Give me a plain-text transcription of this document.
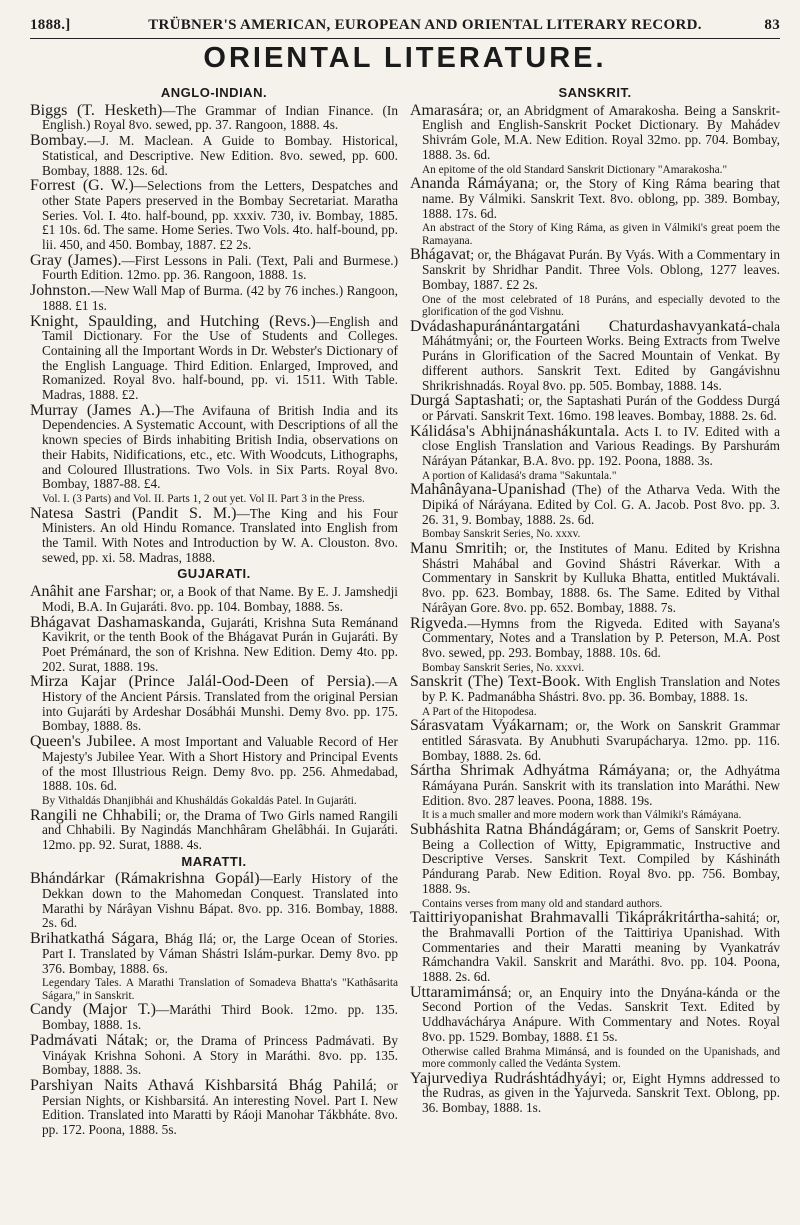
1888.]	TRÜBNER'S AMERICAN, EUROPEAN AND ORIENTAL LITERARY RECORD.	83
ORIENTAL LITERATURE.
ANGLO-INDIAN.

Biggs (T. Hesketh)—The Grammar of Indian Finance. (In English.) Royal 8vo. sewed, pp. 37. Rangoon, 1888. 4s.

Bombay.—J. M. Maclean. A Guide to Bombay. Historical, Statistical, and Descriptive. New Edition. 8vo. sewed, pp. 600. Bombay, 1888. 12s. 6d.

Forrest (G. W.)—Selections from the Letters, Despatches and other State Papers preserved in the Bombay Secretariat. Maratha Series. Vol. I. 4to. half-bound, pp. xxxiv. 730, iv. Bombay, 1885. £1 10s. 6d. The same. Home Series. Two Vols. 4to. half-bound, pp. lii. 450, and 450. Bombay, 1887. £2 2s.

Gray (James).—First Lessons in Pali. (Text, Pali and Burmese.) Fourth Edition. 12mo. pp. 36. Rangoon, 1888. 1s.

Johnston.—New Wall Map of Burma. (42 by 76 inches.) Rangoon, 1888. £1 1s.

Knight, Spaulding, and Hutching (Revs.)—English and Tamil Dictionary. For the Use of Students and Colleges. Containing all the Important Words in Dr. Webster's Dictionary of the English Language. Third Edition. Enlarged, Improved, and Romanized. Royal 8vo. half-bound, pp. vi. 1511. With Table. Madras, 1888. £2.

Murray (James A.)—The Avifauna of British India and its Dependencies. A Systematic Account, with Descriptions of all the known species of Birds inhabiting British India, observations on their Habits, Nidifications, etc., etc. With Woodcuts, Lithographs, and Coloured Illustrations. Two Vols. in Six Parts. Royal 8vo. Bombay, 1887-88. £4.

Vol. I. (3 Parts) and Vol. II. Parts 1, 2 out yet. Vol II. Part 3 in the Press.

Natesa Sastri (Pandit S. M.)—The King and his Four Ministers. An old Hindu Romance. Translated into English from the Tamil. With Notes and Introduction by W. A. Clouston. 8vo. sewed, pp. xi. 58. Madras, 1888.

GUJARATI.

Anâhit ane Farshar; or, a Book of that Name. By E. J. Jamshedji Modi, B.A. In Gujaráti. 8vo. pp. 104. Bombay, 1888. 5s.

Bhágavat Dashamaskanda, Gujaráti, Krishna Suta Remánand Kavikrit, or the tenth Book of the Bhágavat Purán in Gujaráti. By Poet Prémánard, the son of Krishna. New Edition. Demy 4to. pp. 202. Surat, 1888. 19s.

Mirza Kajar (Prince Jalál-Ood-Deen of Persia).—A History of the Ancient Pársis. Translated from the original Persian into Gujaráti by Ardeshar Dosábhái Munshi. Demy 8vo. pp. 175. Bombay, 1888. 8s.

Queen's Jubilee. A most Important and Valuable Record of Her Majesty's Jubilee Year. With a Short History and Principal Events of the most Illustrious Reign. Demy 8vo. pp. 256. Ahmedabad, 1888. 10s. 6d.

By Vithaldás Dhanjibhái and Khusháldás Gokaldás Patel. In Gujaráti.

Rangili ne Chhabili; or, the Drama of Two Girls named Rangili and Chhabili. By Nagindás Manchhâram Ghelâbhái. In Gujaráti. 12mo. pp. 92. Surat, 1888. 4s.

MARATTI.

Bhándárkar (Rámakrishna Gopál)—Early History of the Dekkan down to the Mahomedan Conquest. Translated into Marathi by Nárâyan Vishnu Bápat. 8vo. pp. 316. Bombay, 1888. 2s. 6d.

Brihatkathá Ságara, Bhág Ilá; or, the Large Ocean of Stories. Part I. Translated by Váman Shástri Islám-purkar. Demy 8vo. pp 376. Bombay, 1888. 6s.

Legendary Tales. A Marathi Translation of Somadeva Bhatta's "Kathâsarita Ságara," in Sanskrit.

Candy (Major T.)—Maráthi Third Book. 12mo. pp. 135. Bombay, 1888. 1s.

Padmávati Nátak; or, the Drama of Princess Padmávati. By Vináyak Krishna Sohoni. A Story in Maráthi. 8vo. pp. 135. Bombay, 1888. 3s.

Parshiyan Naits Athavá Kishbarsitá Bhág Pahilá; or Persian Nights, or Kishbarsitá. An interesting Novel. Part I. New Edition. Translated into Maratti by Ráoji Manohar Tákbháte. 8vo. pp. 172. Poona, 1888. 5s.

SANSKRIT.

Amarasára; or, an Abridgment of Amarakosha. Being a Sanskrit-English and English-Sanskrit Pocket Dictionary. By Mahádev Shivrám Gole, M.A. New Edition. Royal 32mo. pp. 704. Bombay, 1888. 3s. 6d.

An epitome of the old Standard Sanskrit Dictionary "Amarakosha."

Ananda Rámáyana; or, the Story of King Ráma bearing that name. By Válmiki. Sanskrit Text. 8vo. oblong, pp. 389. Bombay, 1888. 17s. 6d.

An abstract of the Story of King Ráma, as given in Válmiki's great poem the Ramayana.

Bhágavat; or, the Bhágavat Purán. By Vyás. With a Commentary in Sanskrit by Shridhar Pandit. Three Vols. Oblong, 1277 leaves. Bombay, 1887. £2 2s.

One of the most celebrated of 18 Puráns, and especially devoted to the glorification of the god Vishnu.

Dvádashapuránántargatáni Chaturdashavyankatá-chala Máhátmyáni; or, the Fourteen Works. Being Extracts from Twelve Puráns in Glorification of the Sacred Mountain of Venkat. By different authors. Sanskrit Text. Edited by Gangávishnu Shrikrishnadás. Royal 8vo. pp. 505. Bombay, 1888. 14s.

Durgá Saptashati; or, the Saptashati Purán of the Goddess Durgá or Párvati. Sanskrit Text. 16mo. 198 leaves. Bombay, 1888. 2s. 6d.

Kálidása's Abhijnánashákuntala. Acts I. to IV. Edited with a close English Translation and Various Readings. By Parshurám Náráyan Pátankar, B.A. 8vo. pp. 192. Poona, 1888. 3s.

A portion of Kalidasá's drama "Sakuntala."

Mahânâyana-Upanishad (The) of the Atharva Veda. With the Dipiká of Náráyana. Edited by Col. G. A. Jacob. Post 8vo. pp. 3. 26. 31, 9. Bombay, 1888. 2s. 6d.

Bombay Sanskrit Series, No. xxxv.

Manu Smritih; or, the Institutes of Manu. Edited by Krishna Shástri Mahábal and Govind Shástri Ráverkar. With a Commentary in Sanskrit by Kulluka Bhatta, entitled Muktávali. 8vo. pp. 623. Bombay, 1888. 6s. The Same. Edited by Vithal Nárâyan Gore. 8vo. pp. 652. Bombay, 1888. 7s.

Rigveda.—Hymns from the Rigveda. Edited with Sayana's Commentary, Notes and a Translation by P. Peterson, M.A. Post 8vo. sewed, pp. 293. Bombay, 1888. 10s. 6d.

Bombay Sanskrit Series, No. xxxvi.

Sanskrit (The) Text-Book. With English Translation and Notes by P. K. Padmanábha Shástri. 8vo. pp. 36. Bombay, 1888. 1s.

A Part of the Hitopodesa.

Sárasvatam Vyákarnam; or, the Work on Sanskrit Grammar entitled Sárasvata. By Anubhuti Svarupácharya. 12mo. pp. 116. Bombay, 1888. 2s. 6d.

Sártha Shrimak Adhyátma Rámáyana; or, the Adhyátma Rámáyana Purán. Sanskrit with its translation into Maráthi. New Edition. 8vo. 287 leaves. Poona, 1888. 19s.

It is a much smaller and more modern work than Válmiki's Rámáyana.

Subháshita Ratna Bhándágáram; or, Gems of Sanskrit Poetry. Being a Collection of Witty, Epigrammatic, Instructive and Descriptive Verses. Sanskrit Text. Compiled by Káshináth Pándurang Parab. New Edition. Royal 8vo. pp. 756. Bombay, 1888. 9s.

Contains verses from many old and standard authors.

Taittiriyopanishat Brahmavalli Tikáprákritártha-sahitá; or, the Brahmavalli Portion of the Taittiriya Upanishad. With Commentaries and their Maratti meaning by Vyankatráv Rámchandra Vakil. Sanskrit and Maráthi. 8vo. pp. 104. Poona, 1888. 2s. 6d.

Uttaramimánsá; or, an Enquiry into the Dnyána-kánda or the Second Portion of the Vedas. Sanskrit Text. Edited by Uddhaváchárya Anápure. With Commentary and Notes. Royal 8vo. pp. 1529. Bombay, 1888. £1 5s.

Otherwise called Brahma Mimánsá, and is founded on the Upanishads, and more commonly called the Vedánta System.

Yajurvediya Rudráshtádhyáyi; or, Eight Hymns addressed to the Rudras, as given in the Yajurveda. Sanskrit Text. Oblong, pp. 36. Bombay, 1888. 1s.
